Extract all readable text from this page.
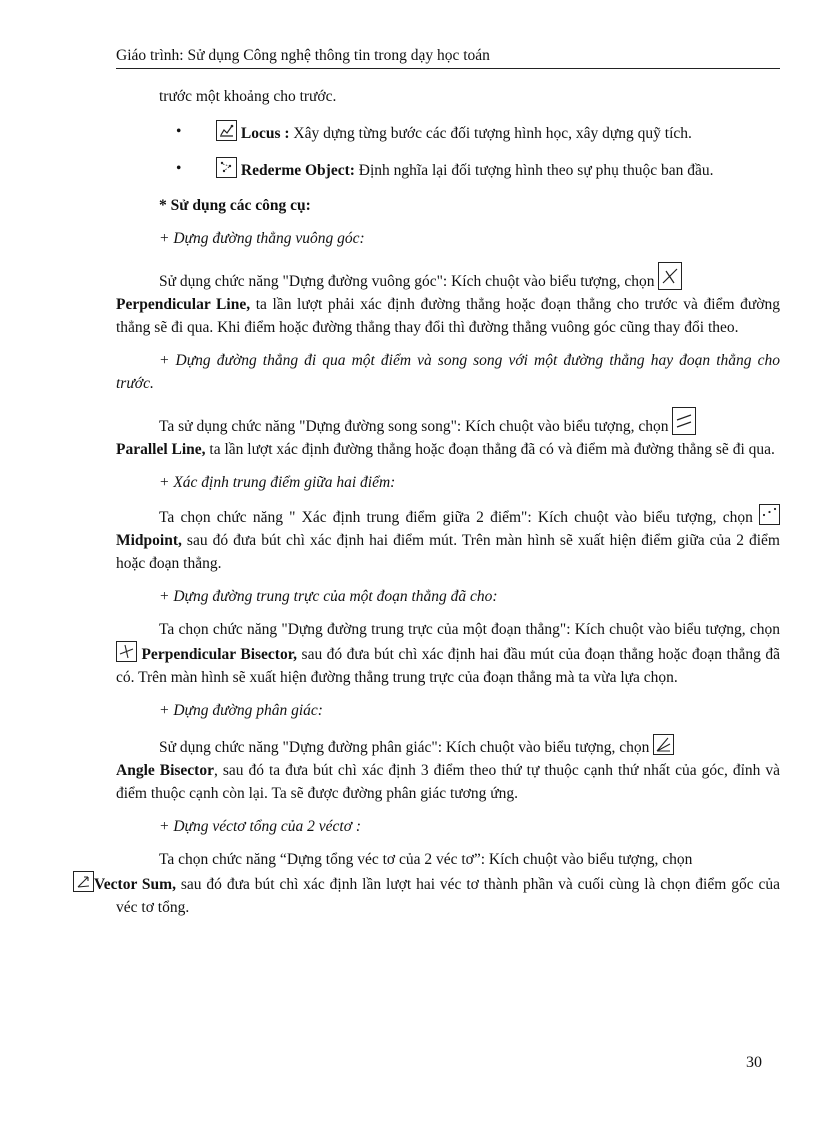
Giáo trình: Sử dụng Công nghệ thông tin trong dạy học toán

trước một khoảng cho trước.

•	Locus : Xây dựng từng bước các đối tượng hình học, xây dựng quỹ tích.

•	Rederme Object: Định nghĩa lại đối tượng hình theo sự phụ thuộc ban đầu.

* Sử dụng các công cụ:

+ Dựng đường thẳng vuông góc:

Sử dụng chức năng "Dựng đường vuông góc": Kích chuột vào biểu tượng, chọn

Perpendicular Line, ta lần lượt phải xác định đường thẳng hoặc đoạn thẳng cho trước và điểm đường thẳng sẽ đi qua. Khi điểm hoặc đường thẳng thay đổi thì đường thẳng vuông góc cũng thay đổi theo.

+ Dựng đường thẳng đi qua một điểm và song song với một đường thẳng hay đoạn thẳng cho trước.

Ta sử dụng chức năng "Dựng đường song song": Kích chuột vào biểu tượng, chọn

Parallel Line, ta lần lượt xác định đường thẳng hoặc đoạn thẳng đã có và điểm mà đường thẳng sẽ đi qua.

+ Xác định trung điểm giữa hai điểm:

Ta chọn chức năng " Xác định trung điểm giữa 2 điểm": Kích chuột vào biểu tượng, chọn
Midpoint, sau đó đưa bút chì xác định hai điểm mút. Trên màn hình sẽ xuất hiện điểm giữa của 2 điểm hoặc đoạn thẳng.

+ Dựng đường trung trực của một đoạn thẳng đã cho:

Ta chọn chức năng "Dựng đường trung trực của một đoạn thẳng": Kích chuột vào biểu tượng, chọn
Perpendicular Bisector, sau đó đưa bút chì xác định hai đầu mút của đoạn thẳng hoặc đoạn thẳng đã có. Trên màn hình sẽ xuất hiện đường thẳng trung trực của đoạn thẳng mà ta vừa lựa chọn.

+ Dựng đường phân giác:

Sử dụng chức năng "Dựng đường phân giác": Kích chuột vào biểu tượng, chọn

Angle Bisector, sau đó ta đưa bút chì xác định 3 điểm theo thứ tự thuộc cạnh thứ nhất của góc, đỉnh và điểm thuộc cạnh còn lại. Ta sẽ được đường phân giác tương ứng.

+ Dựng véctơ tổng của 2 véctơ :

Ta chọn chức năng “Dựng tổng véc tơ của 2 véc tơ”: Kích chuột vào biểu tượng, chọn

Vector Sum, sau đó đưa bút chì xác định lần lượt hai véc tơ thành phần và cuối cùng là chọn điểm gốc của véc tơ tổng.

30
